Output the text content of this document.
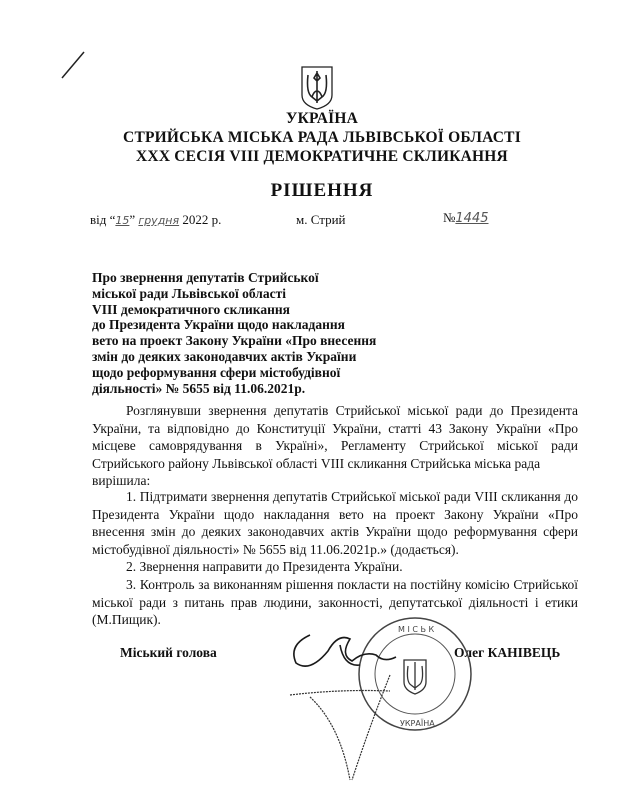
УКРАЇНА
СТРИЙСЬКА МІСЬКА РАДА ЛЬВІВСЬКОЇ ОБЛАСТІ
XXX СЕСІЯ VIII ДЕМОКРАТИЧНЕ СКЛИКАННЯ
РІШЕННЯ
від “15” грудня 2022 р.	м. Стрий	№1445
Про звернення депутатів Стрийської
міської ради Львівської області
VIII демократичного скликання
до Президента України щодо накладання
вето на проект Закону України «Про внесення
змін до деяких законодавчих актів України
щодо реформування сфери містобудівної
діяльності» № 5655 від 11.06.2021р.

Розглянувши звернення депутатів Стрийської міської ради до Президента України, та відповідно до Конституції України, статті 43 Закону України «Про місцеве самоврядування в Україні», Регламенту Стрийської міської ради Стрийського району Львівської області VIII скликання Стрийська міська рада

вирішила:

1. Підтримати звернення депутатів Стрийської міської ради VIII скликання до Президента України щодо накладання вето на проект Закону України «Про внесення змін до деяких законодавчих актів України щодо реформування сфери містобудівної діяльності» № 5655 від 11.06.2021р.» (додається).

2. Звернення направити до Президента України.

3. Контроль за виконанням рішення покласти на постійну комісію Стрийської міської ради з питань прав людини, законності, депутатської діяльності і етики (М.Пищик).

Міський голова
М І С Ь К
УКРАЇНА
Олег КАНІВЕЦЬ
